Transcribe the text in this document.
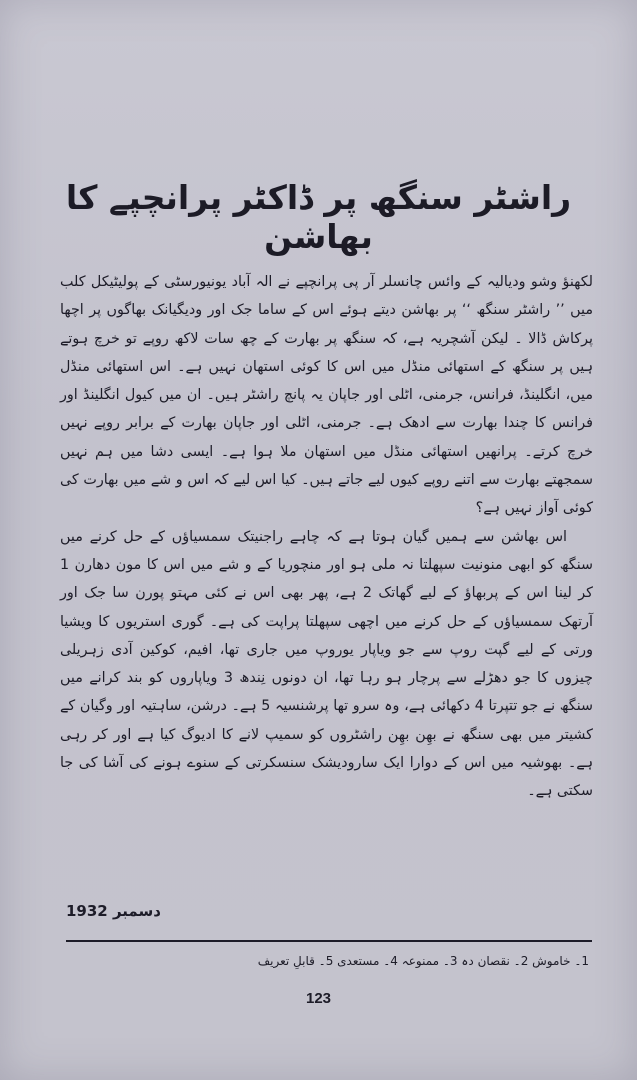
راشٹر سنگھ پر ڈاکٹر پرانچپے کا بھاشن

لکھنؤ وشو ودیالیہ کے وائس چانسلر آر پی پرانچپے نے الہ آباد یونیورسٹی کے پولیٹیکل کلب میں ’’ راشٹر سنگھ ‘‘ پر بھاشن دیتے ہوئے اس کے ساما جک اور ودیگیانک بھاگوں پر اچھا پرکاش ڈالا ۔ لیکن آشچریہ ہے، کہ سنگھ پر بھارت کے چھ سات لاکھ روپے تو خرچ ہوتے ہیں پر سنگھ کے استھائی منڈل میں اس کا کوئی استھان نہیں ہے۔ اس استھائی منڈل میں، انگلینڈ، فرانس، جرمنی، اٹلی اور جاپان یہ پانچ راشٹر ہیں۔ ان میں کیول انگلینڈ اور فرانس کا چندا بھارت سے ادھک ہے۔ جرمنی، اٹلی اور جاپان بھارت کے برابر روپے نہیں خرچ کرتے۔ پرانھیں استھائی منڈل میں استھان ملا ہوا ہے۔ ایسی دشا میں ہم نہیں سمجھتے بھارت سے اتنے روپے کیوں لیے جاتے ہیں۔ کیا اس لیے کہ اس و شے میں بھارت کی کوئی آواز نہیں ہے؟

اس بھاشن سے ہمیں گیان ہوتا ہے کہ چاہے راجنیتک سمسیاؤں کے حل کرنے میں سنگھ کو ابھی منونیت سپھلتا نہ ملی ہو اور منچوریا کے و شے میں اس کا مون دھارن 1 کر لینا اس کے پربھاؤ کے لیے گھاتک 2 ہے، پھر بھی اس نے کئی مہتو پورن سا جک اور آرتھک سمسیاؤں کے حل کرنے میں اچھی سپھلتا پراپت کی ہے۔ گوری استریوں کا ویشیا ورتی کے لیے گپت روپ سے جو ویاپار یوروپ میں جاری تھا، افیم، کوکین آدی زہریلی چیزوں کا جو دھڑلے سے پرچار ہو رہا تھا، ان دونوں نِندھ 3 ویاپاروں کو بند کرانے میں سنگھ نے جو تتپرتا 4 دکھائی ہے، وہ سرو تھا پرشنسیہ 5 ہے۔ درشن، ساہتیہ اور وگیان کے کشیتر میں بھی سنگھ نے بھِن بھِن راشٹروں کو سمیپ لانے کا ادیوگ کیا ہے اور کر رہی ہے۔ بھوشیہ میں اس کے دوارا ایک سارودیشک سنسکرتی کے سنوے ہونے کی آشا کی جا سکتی ہے۔

دسمبر 1932
1۔ خاموش 2۔ نقصان دہ 3۔ ممنوعہ 4۔ مستعدی 5۔ قابلِ تعریف
123
